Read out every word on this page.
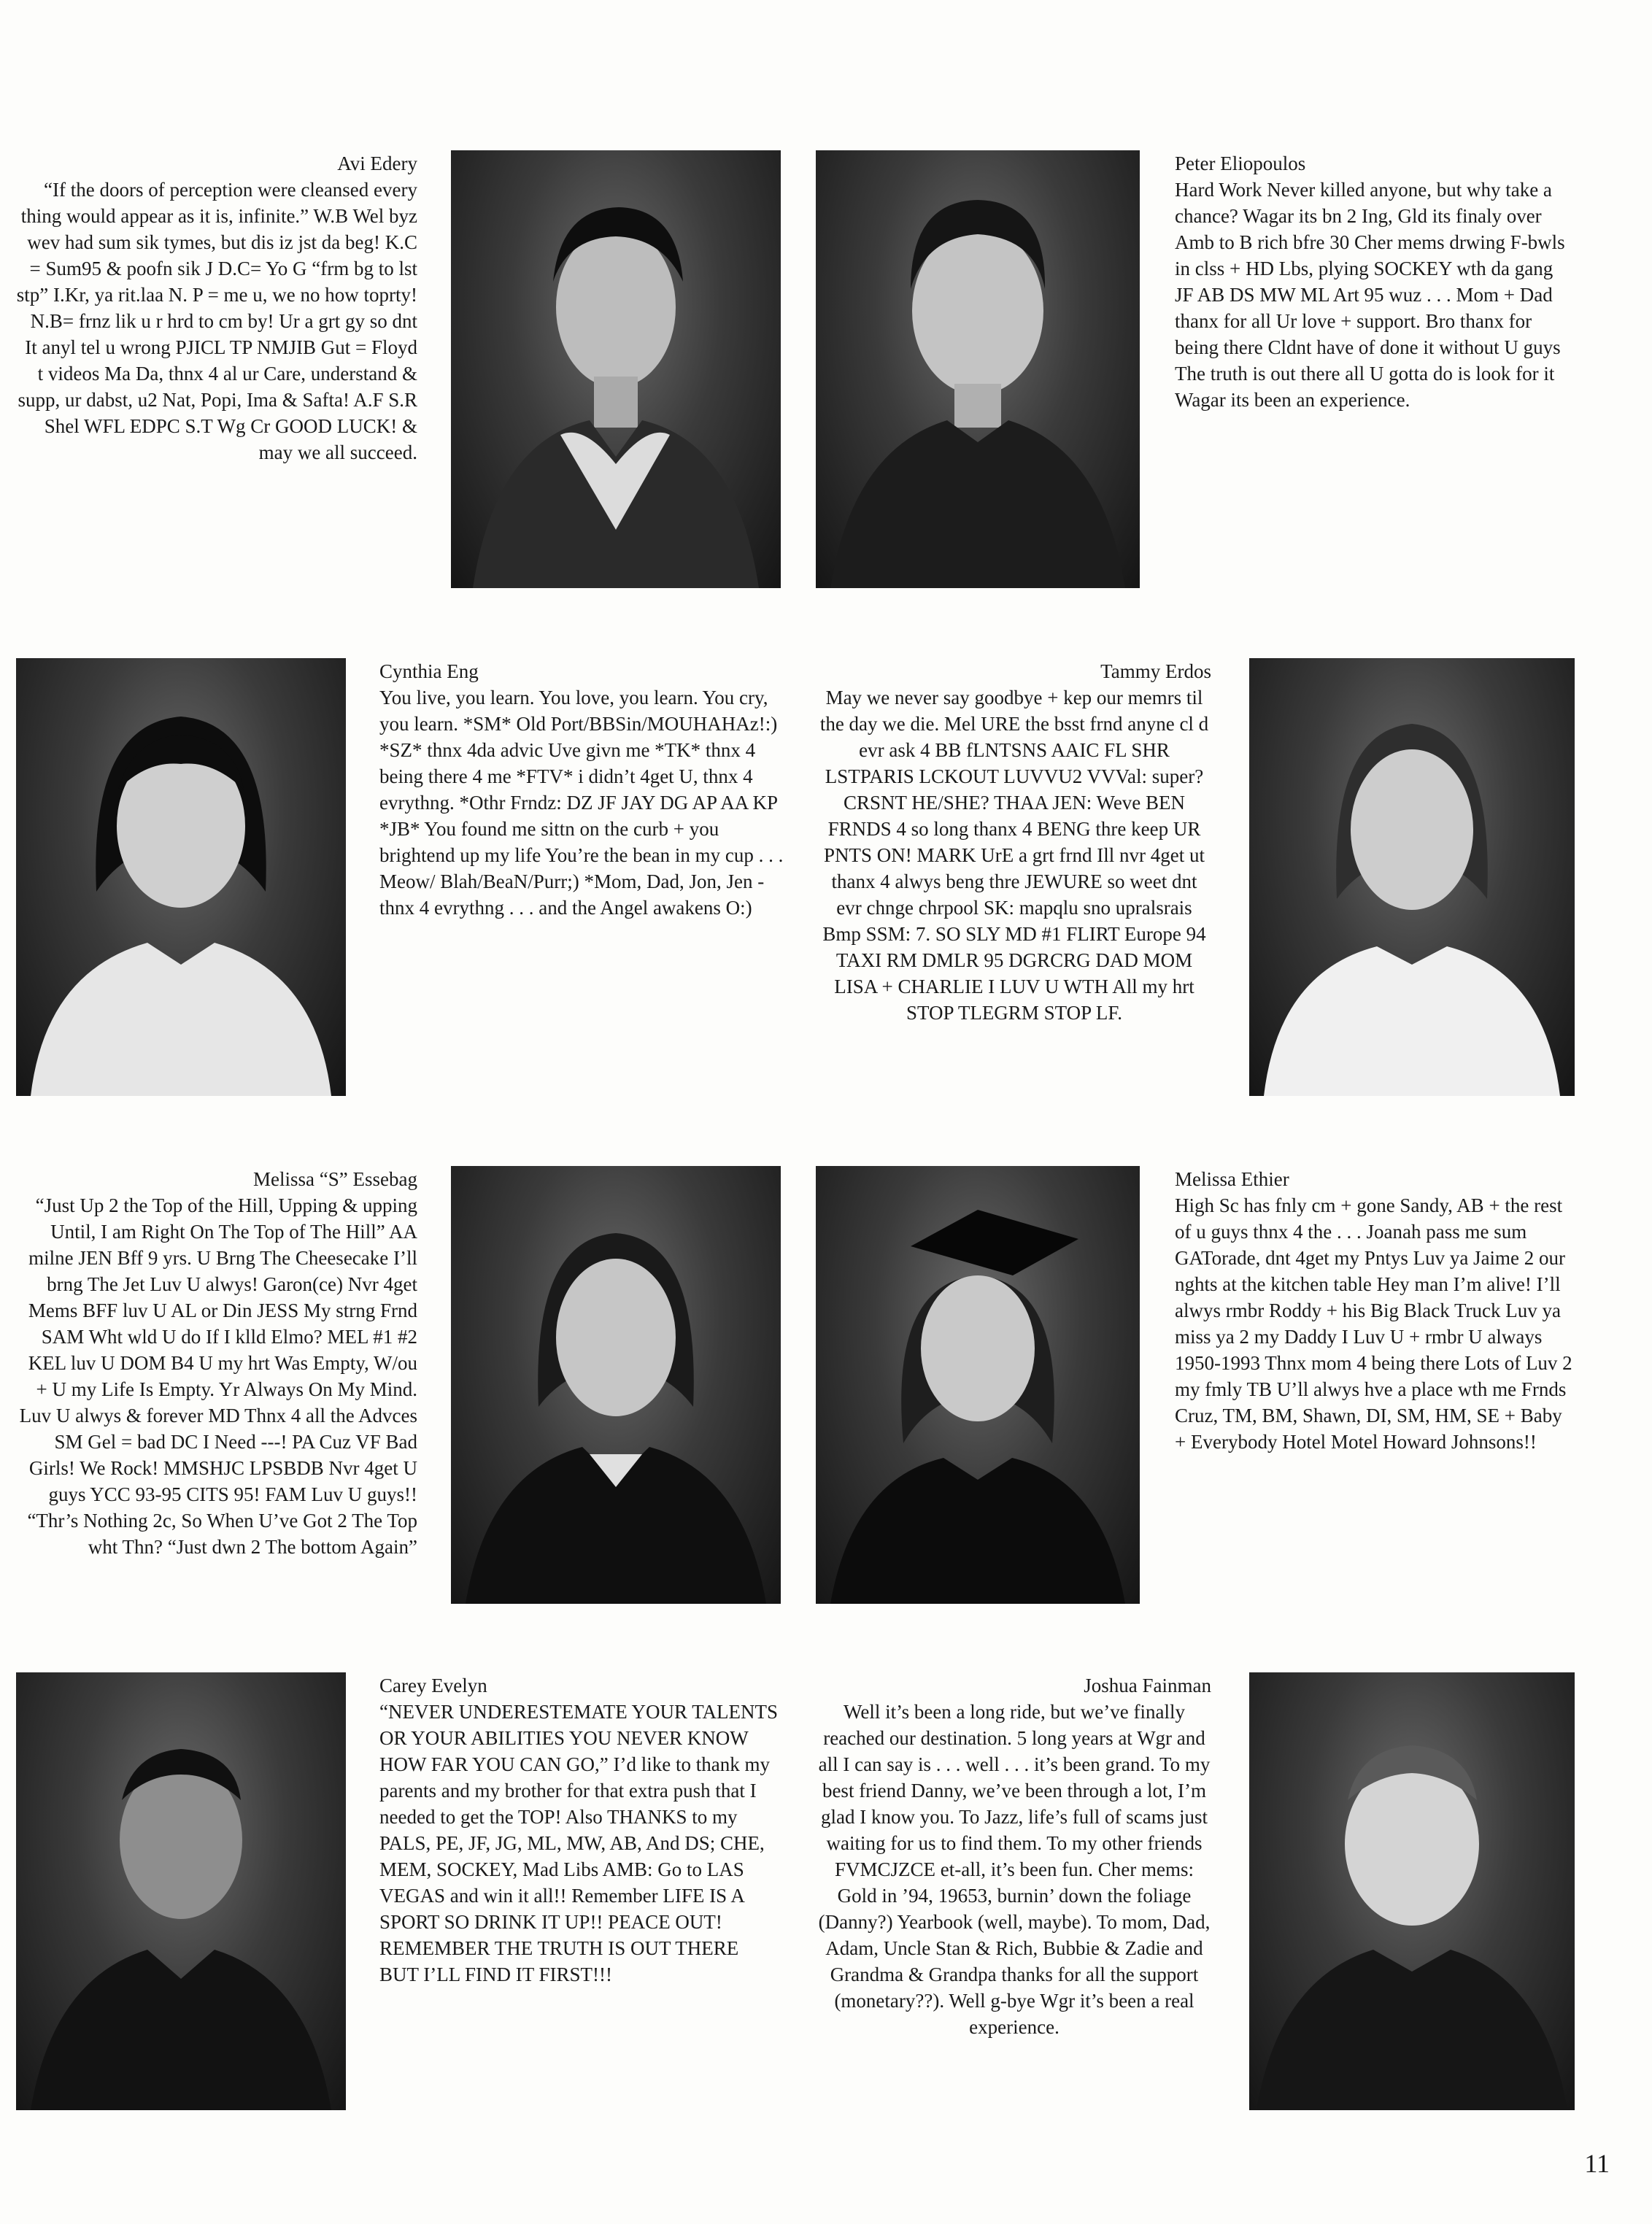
Avi Edery

“If the doors of perception were cleansed every thing would appear as it is, infinite.” W.B Wel byz wev had sum sik tymes, but dis iz jst da beg! K.C = Sum95 & poofn sik J D.C= Yo G “frm bg to lst stp” I.Kr, ya rit.laa N. P = me u, we no how toprty! N.B= frnz lik u r hrd to cm by! Ur a grt gy so dnt It anyl tel u wrong PJICL TP NMJIB Gut = Floyd t videos Ma Da, thnx 4 al ur Care, understand & supp, ur dabst, u2 Nat, Popi, Ima & Safta! A.F S.R Shel WFL EDPC S.T Wg Cr GOOD LUCK! & may we all succeed.

Peter Eliopoulos

Hard Work Never killed anyone, but why take a chance? Wagar its bn 2 Ing, Gld its finaly over Amb to B rich bfre 30 Cher mems drwing F-bwls in clss + HD Lbs, plying SOCKEY wth da gang JF AB DS MW ML Art 95 wuz . . . Mom + Dad thanx for all Ur love + support. Bro thanx for being there Cldnt have of done it without U guys The truth is out there all U gotta do is look for it Wagar its been an experience.

Cynthia Eng

You live, you learn. You love, you learn. You cry, you learn. *SM* Old Port/BBSin/MOUHAHAz!:) *SZ* thnx 4da advic Uve givn me *TK* thnx 4 being there 4 me *FTV* i didn’t 4get U, thnx 4 evrythng. *Othr Frndz: DZ JF JAY DG AP AA KP *JB* You found me sittn on the curb + you brightend up my life You’re the bean in my cup . . . Meow/ Blah/BeaN/Purr;) *Mom, Dad, Jon, Jen - thnx 4 evrythng . . . and the Angel awakens O:)

Tammy Erdos

May we never say goodbye + kep our memrs til the day we die. Mel URE the bsst frnd anyne cl d evr ask 4 BB fLNTSNS AAIC FL SHR LSTPARIS LCKOUT LUVVU2 VVVal: super? CRSNT HE/SHE? THAA JEN: Weve BEN FRNDS 4 so long thanx 4 BENG thre keep UR PNTS ON! MARK UrE a grt frnd Ill nvr 4get ut thanx 4 alwys beng thre JEWURE so weet dnt evr chnge chrpool SK: mapqlu sno upralsrais Bmp SSM: 7. SO SLY MD #1 FLIRT Europe 94 TAXI RM DMLR 95 DGRCRG DAD MOM LISA + CHARLIE I LUV U WTH All my hrt STOP TLEGRM STOP LF.

Melissa “S” Essebag

“Just Up 2 the Top of the Hill, Upping & upping Until, I am Right On The Top of The Hill” AA milne JEN Bff 9 yrs. U Brng The Cheesecake I’ll brng The Jet Luv U alwys! Garon(ce) Nvr 4get Mems BFF luv U AL or Din JESS My strng Frnd SAM Wht wld U do If I klld Elmo? MEL #1 #2 KEL luv U DOM B4 U my hrt Was Empty, W/ou + U my Life Is Empty. Yr Always On My Mind. Luv U alwys & forever MD Thnx 4 all the Advces SM Gel = bad DC I Need ---! PA Cuz VF Bad Girls! We Rock! MMSHJC LPSBDB Nvr 4get U guys YCC 93-95 CITS 95! FAM Luv U guys!! “Thr’s Nothing 2c, So When U’ve Got 2 The Top wht Thn? “Just dwn 2 The bottom Again”

Melissa Ethier

High Sc has fnly cm + gone Sandy, AB + the rest of u guys thnx 4 the . . . Joanah pass me sum GATorade, dnt 4get my Pntys Luv ya Jaime 2 our nghts at the kitchen table Hey man I’m alive! I’ll alwys rmbr Roddy + his Big Black Truck Luv ya miss ya 2 my Daddy I Luv U + rmbr U always 1950-1993 Thnx mom 4 being there Lots of Luv 2 my fmly TB U’ll alwys hve a place wth me Frnds Cruz, TM, BM, Shawn, DI, SM, HM, SE + Baby + Everybody Hotel Motel Howard Johnsons!!

Carey Evelyn

“NEVER UNDERESTEMATE YOUR TALENTS OR YOUR ABILITIES YOU NEVER KNOW HOW FAR YOU CAN GO,” I’d like to thank my parents and my brother for that extra push that I needed to get the TOP! Also THANKS to my PALS, PE, JF, JG, ML, MW, AB, And DS; CHE, MEM, SOCKEY, Mad Libs AMB: Go to LAS VEGAS and win it all!! Remember LIFE IS A SPORT SO DRINK IT UP!! PEACE OUT! REMEMBER THE TRUTH IS OUT THERE BUT I’LL FIND IT FIRST!!!

Joshua Fainman

Well it’s been a long ride, but we’ve finally reached our destination. 5 long years at Wgr and all I can say is . . . well . . . it’s been grand. To my best friend Danny, we’ve been through a lot, I’m glad I know you. To Jazz, life’s full of scams just waiting for us to find them. To my other friends FVMCJZCE et-all, it’s been fun. Cher mems: Gold in ’94, 19653, burnin’ down the foliage (Danny?) Yearbook (well, maybe). To mom, Dad, Adam, Uncle Stan & Rich, Bubbie & Zadie and Grandma & Grandpa thanks for all the support (monetary??). Well g-bye Wgr it’s been a real experience.

11
